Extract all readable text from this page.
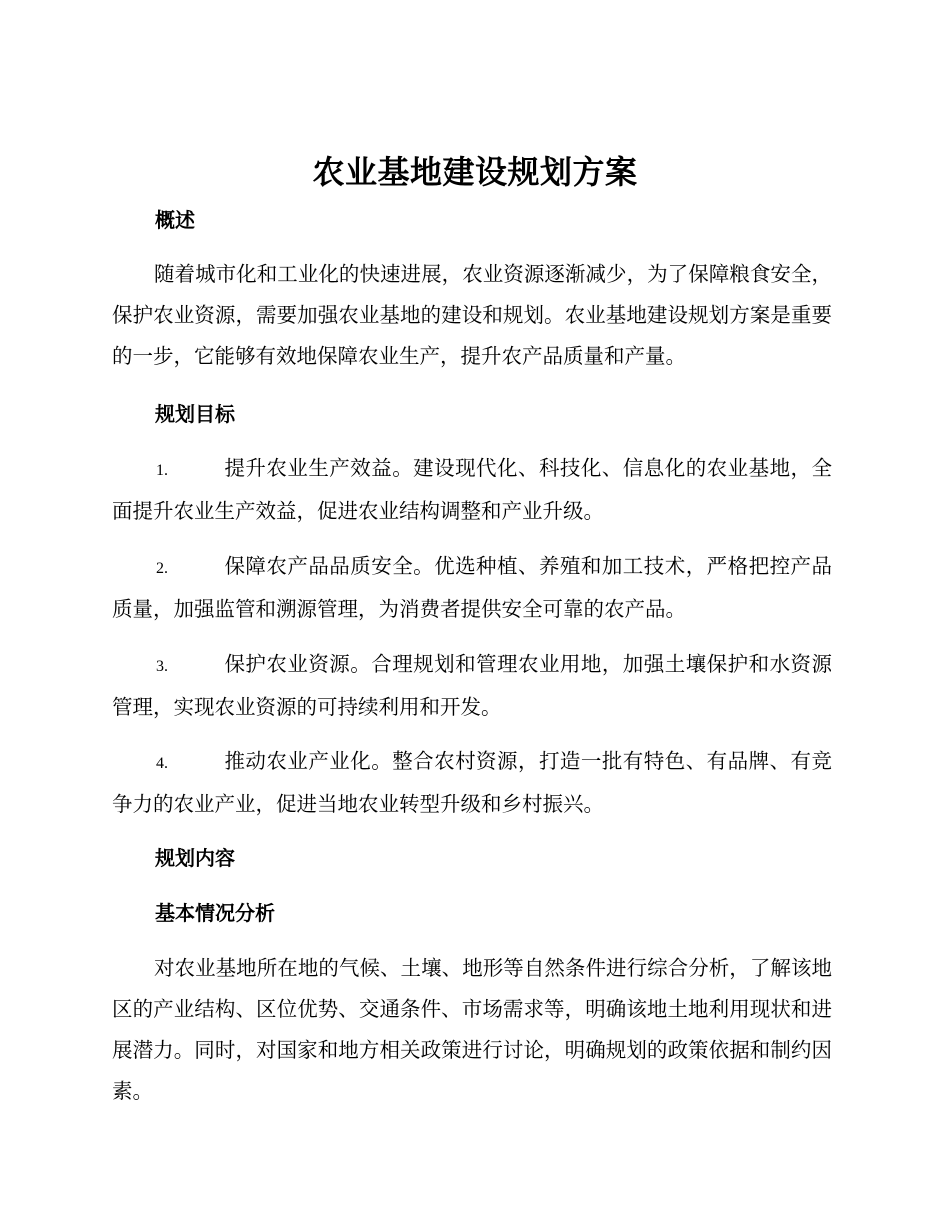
农业基地建设规划方案
概述
随着城市化和工业化的快速进展，农业资源逐渐减少，为了保障粮食安全，保护农业资源，需要加强农业基地的建设和规划。农业基地建设规划方案是重要的一步，它能够有效地保障农业生产，提升农产品质量和产量。
规划目标
1.	提升农业生产效益。建设现代化、科技化、信息化的农业基地，全面提升农业生产效益，促进农业结构调整和产业升级。
2.	保障农产品品质安全。优选种植、养殖和加工技术，严格把控产品质量，加强监管和溯源管理，为消费者提供安全可靠的农产品。
3.	保护农业资源。合理规划和管理农业用地，加强土壤保护和水资源管理，实现农业资源的可持续利用和开发。
4.	推动农业产业化。整合农村资源，打造一批有特色、有品牌、有竞争力的农业产业，促进当地农业转型升级和乡村振兴。
规划内容
基本情况分析
对农业基地所在地的气候、土壤、地形等自然条件进行综合分析，了解该地区的产业结构、区位优势、交通条件、市场需求等，明确该地土地利用现状和进展潜力。同时，对国家和地方相关政策进行讨论，明确规划的政策依据和制约因素。
